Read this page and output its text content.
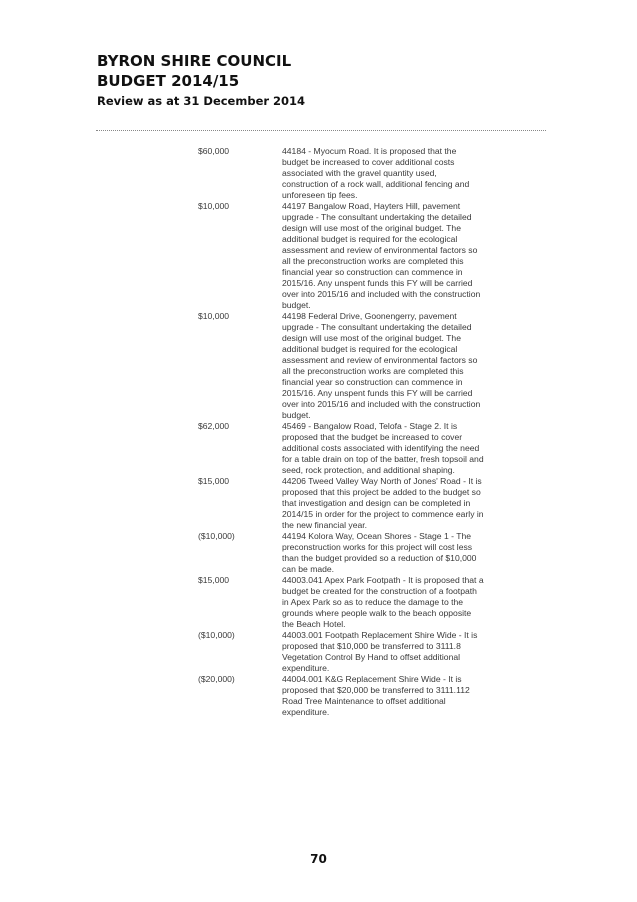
BYRON SHIRE COUNCIL
BUDGET 2014/15
Review as at 31 December 2014
$60,000	44184 - Myocum Road. It is proposed that the
budget be increased to cover additional costs
associated with the gravel quantity used,
construction of a rock wall, additional fencing and
unforeseen tip fees.
$10,000	44197 Bangalow Road, Hayters Hill, pavement
upgrade - The consultant undertaking the detailed
design will use most of the original budget. The
additional budget is required for the ecological
assessment and review of environmental factors so
all the preconstruction works are completed this
financial year so construction can commence in
2015/16. Any unspent funds this FY will be carried
over into 2015/16 and included with the construction
budget.
$10,000	44198 Federal Drive, Goonengerry, pavement
upgrade - The consultant undertaking the detailed
design will use most of the original budget. The
additional budget is required for the ecological
assessment and review of environmental factors so
all the preconstruction works are completed this
financial year so construction can commence in
2015/16. Any unspent funds this FY will be carried
over into 2015/16 and included with the construction
budget.
$62,000	45469 - Bangalow Road, Telofa - Stage 2. It is
proposed that the budget be increased to cover
additional costs associated with identifying the need
for a table drain on top of the batter, fresh topsoil and
seed, rock protection, and additional shaping.
$15,000	44206 Tweed Valley Way North of Jones' Road - It is
proposed that this project be added to the budget so
that investigation and design can be completed in
2014/15 in order for the project to commence early in
the new financial year.
($10,000)	44194 Kolora Way, Ocean Shores - Stage 1 - The
preconstruction works for this project will cost less
than the budget provided so a reduction of $10,000
can be made.
$15,000	44003.041 Apex Park Footpath - It is proposed that a
budget be created for the construction of a footpath
in Apex Park so as to reduce the damage to the
grounds where people walk to the beach opposite
the Beach Hotel.
($10,000)	44003.001 Footpath Replacement Shire Wide - It is
proposed that $10,000 be transferred to 3111.8
Vegetation Control By Hand to offset additional
expenditure.
($20,000)	44004.001 K&G Replacement Shire Wide - It is
proposed that $20,000 be transferred to 3111.112
Road Tree Maintenance to offset additional
expenditure.
70
